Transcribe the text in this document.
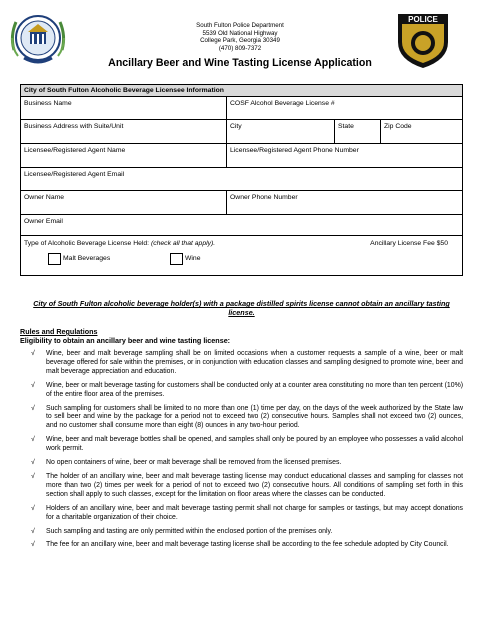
POLICE
South Fulton Police Department
5539 Old National Highway
College Park, Georgia 30349
(470) 809-7372
Ancillary Beer and Wine Tasting License Application
City of South Fulton Alcoholic Beverage Licensee Information
Business Name	COSF Alcohol Beverage License #
Business Address with Suite/Unit	City	State	Zip Code
Licensee/Registered Agent Name	Licensee/Registered Agent Phone Number
Licensee/Registered Agent Email
Owner Name	Owner Phone Number
Owner Email
Type of Alcoholic Beverage License Held: (check all that apply).	Ancillary License Fee $50
Malt Beverages	Wine
City of South Fulton alcoholic beverage holder(s) with a package distilled spirits license cannot obtain an ancillary tasting license.
Rules and Regulations
Eligibility to obtain an ancillary beer and wine tasting license:
√	Wine, beer and malt beverage sampling shall be on limited occasions when a customer requests a sample of a wine, beer or malt beverage offered for sale within the premises, or in conjunction with education classes and sampling designed to promote wine, beer and malt beverage appreciation and education.
√	Wine, beer or malt beverage tasting for customers shall be conducted only at a counter area constituting no more than ten percent (10%) of the entire floor area of the premises.
√	Such sampling for customers shall be limited to no more than one (1) time per day, on the days of the week authorized by the State law to sell beer and wine by the package for a period not to exceed two (2) consecutive hours. Samples shall not exceed two (2) ounces, and no customer shall consume more than eight (8) ounces in any two-hour period.
√	Wine, beer and malt beverage bottles shall be opened, and samples shall only be poured by an employee who possesses a valid alcohol work permit.
√	No open containers of wine, beer or malt beverage shall be removed from the licensed premises.
√	The holder of an ancillary wine, beer and malt beverage tasting license may conduct educational classes and sampling for classes not more than two (2) times per week for a period of not to exceed two (2) consecutive hours. All conditions of sampling set forth in this section shall apply to such classes, except for the limitation on floor areas where the classes can be conducted.
√	Holders of an ancillary wine, beer and malt beverage tasting permit shall not charge for samples or tastings, but may accept donations for a charitable organization of their choice.
√	Such sampling and tasting are only permitted within the enclosed portion of the premises only.
√	The fee for an ancillary wine, beer and malt beverage tasting license shall be according to the fee schedule adopted by City Council.
